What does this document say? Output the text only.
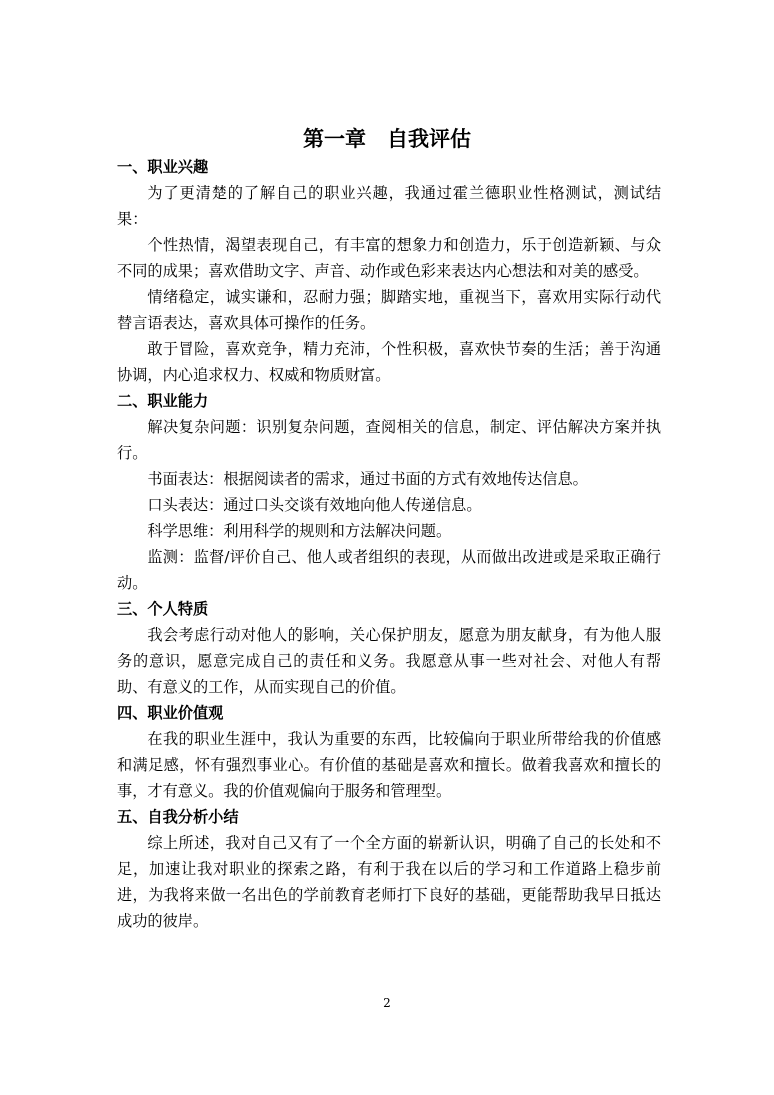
第一章　自我评估
一、职业兴趣

为了更清楚的了解自己的职业兴趣，我通过霍兰德职业性格测试，测试结果：

个性热情，渴望表现自己，有丰富的想象力和创造力，乐于创造新颖、与众不同的成果；喜欢借助文字、声音、动作或色彩来表达内心想法和对美的感受。

情绪稳定，诚实谦和，忍耐力强；脚踏实地，重视当下，喜欢用实际行动代替言语表达，喜欢具体可操作的任务。

敢于冒险，喜欢竞争，精力充沛，个性积极，喜欢快节奏的生活；善于沟通协调，内心追求权力、权威和物质财富。

二、职业能力

解决复杂问题：识别复杂问题，查阅相关的信息，制定、评估解决方案并执行。

书面表达：根据阅读者的需求，通过书面的方式有效地传达信息。

口头表达：通过口头交谈有效地向他人传递信息。

科学思维：利用科学的规则和方法解决问题。

监测：监督/评价自己、他人或者组织的表现，从而做出改进或是采取正确行动。

三、个人特质

我会考虑行动对他人的影响，关心保护朋友，愿意为朋友献身，有为他人服务的意识，愿意完成自己的责任和义务。我愿意从事一些对社会、对他人有帮助、有意义的工作，从而实现自己的价值。

四、职业价值观

在我的职业生涯中，我认为重要的东西，比较偏向于职业所带给我的价值感和满足感，怀有强烈事业心。有价值的基础是喜欢和擅长。做着我喜欢和擅长的事，才有意义。我的价值观偏向于服务和管理型。

五、自我分析小结

综上所述，我对自己又有了一个全方面的崭新认识，明确了自己的长处和不足，加速让我对职业的探索之路，有利于我在以后的学习和工作道路上稳步前进，为我将来做一名出色的学前教育老师打下良好的基础，更能帮助我早日抵达成功的彼岸。

2
